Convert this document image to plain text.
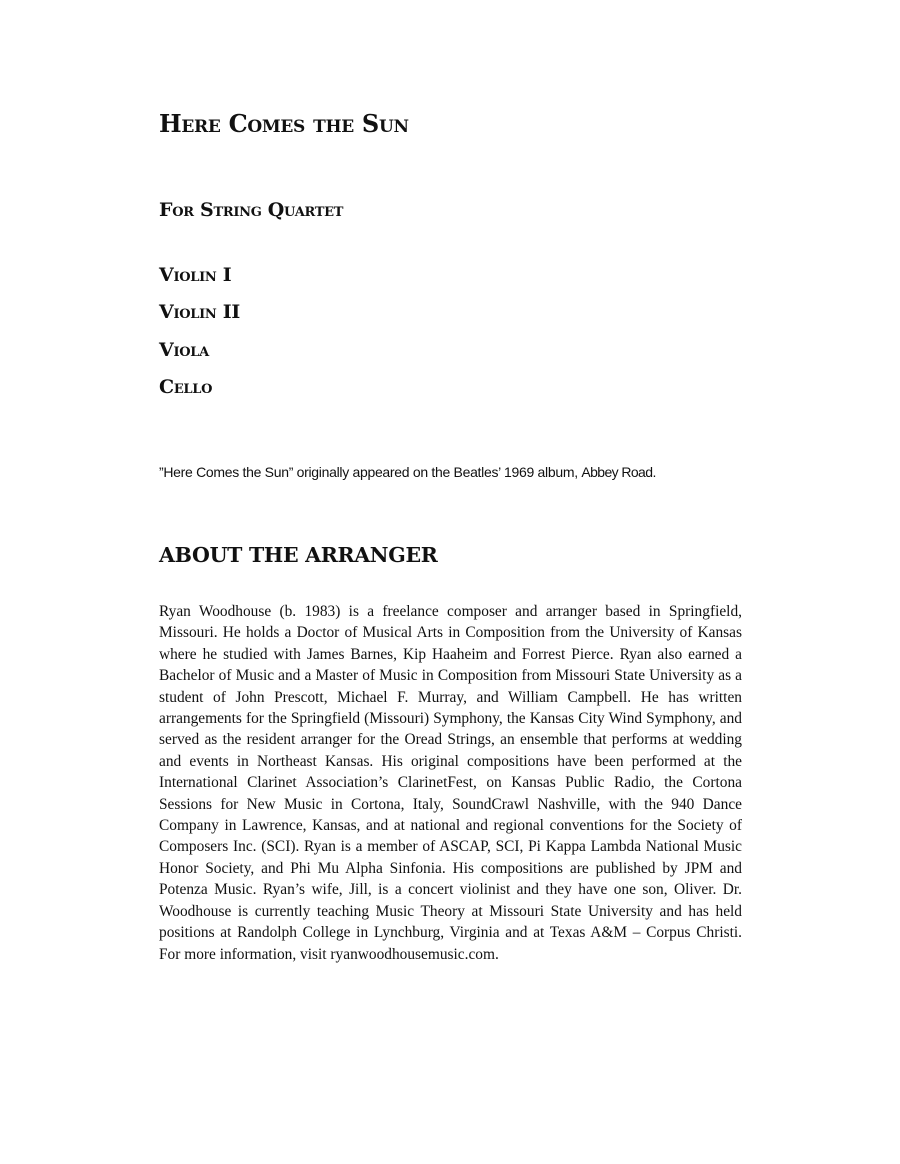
Here Comes the Sun
For String Quartet
Violin I
Violin II
Viola
Cello

”Here Comes the Sun” originally appeared on the Beatles’ 1969 album, Abbey Road.

ABOUT THE ARRANGER

Ryan Woodhouse (b. 1983) is a freelance composer and arranger based in Springfield, Missouri. He holds a Doctor of Musical Arts in Composition from the University of Kansas where he studied with James Barnes, Kip Haaheim and Forrest Pierce. Ryan also earned a Bachelor of Music and a Master of Music in Composition from Missouri State University as a student of John Prescott, Michael F. Murray, and William Campbell. He has written arrangements for the Springfield (Missouri) Symphony, the Kansas City Wind Symphony, and served as the resident arranger for the Oread Strings, an ensemble that performs at wedding and events in Northeast Kansas. His original compositions have been performed at the International Clarinet Association’s ClarinetFest, on Kansas Public Radio, the Cortona Sessions for New Music in Cortona, Italy, SoundCrawl Nashville, with the 940 Dance Company in Lawrence, Kansas, and at national and regional conventions for the Society of Composers Inc. (SCI). Ryan is a member of ASCAP, SCI, Pi Kappa Lambda National Music Honor Society, and Phi Mu Alpha Sinfonia. His compositions are published by JPM and Potenza Music. Ryan’s wife, Jill, is a concert violinist and they have one son, Oliver. Dr. Woodhouse is currently teaching Music Theory at Missouri State University and has held positions at Randolph College in Lynchburg, Virginia and at Texas A&M – Corpus Christi. For more information, visit ryanwoodhousemusic.com.
